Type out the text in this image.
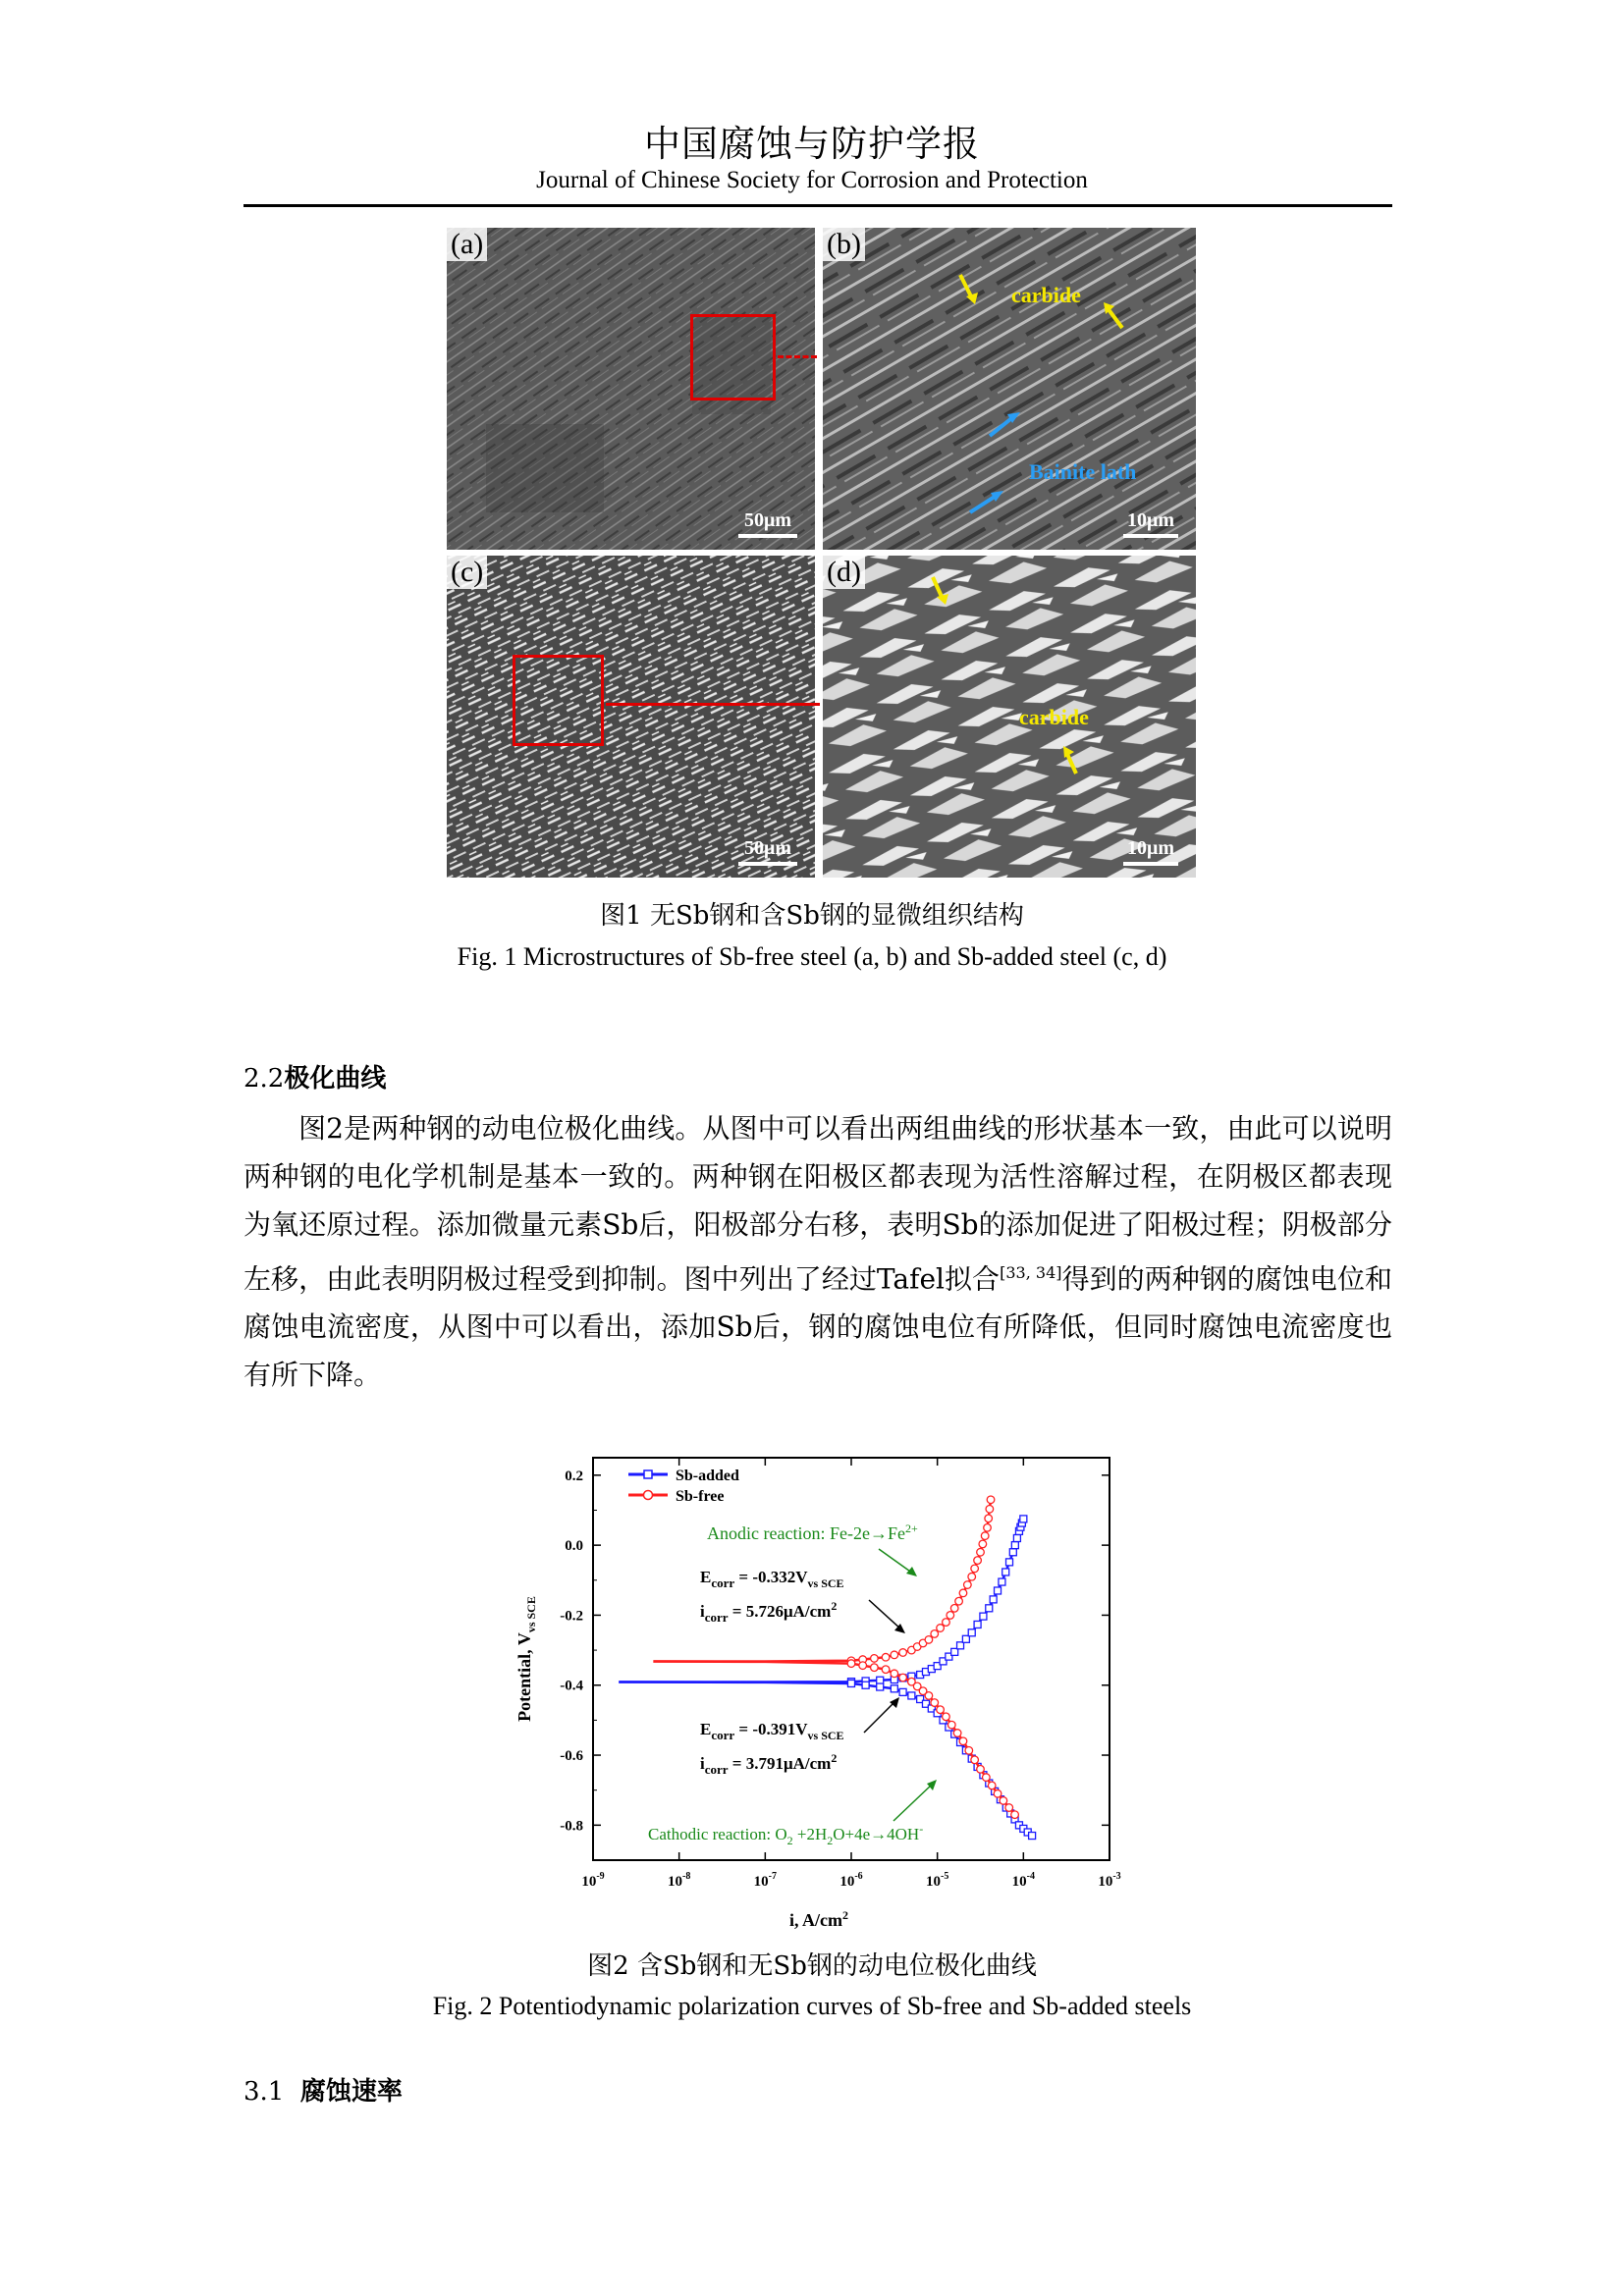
中国腐蚀与防护学报
Journal of Chinese Society for Corrosion and Protection
(a)
50μm
(b)
carbide
Bainite lath
10μm
(c)
50μm
(d)
carbide
10μm
图1 无Sb钢和含Sb钢的显微组织结构
Fig. 1 Microstructures of Sb-free steel (a, b) and Sb-added steel (c, d)
2.2极化曲线

图2是两种钢的动电位极化曲线。从图中可以看出两组曲线的形状基本一致，由此可以说明两种钢的电化学机制是基本一致的。两种钢在阳极区都表现为活性溶解过程，在阴极区都表现为氧还原过程。添加微量元素Sb后，阳极部分右移，表明Sb的添加促进了阳极过程；阴极部分左移，由此表明阴极过程受到抑制。图中列出了经过Tafel拟合[33, 34]得到的两种钢的腐蚀电位和腐蚀电流密度，从图中可以看出，添加Sb后，钢的腐蚀电位有所降低，但同时腐蚀电流密度也有所下降。

$10^{-9}$	$10^{-8}$	$10^{-7}$	$10^{-6}$	$10^{-5}$	$10^{-4}$	$10^{-3}$
0.2
0.0
-0.2
-0.4
-0.6
-0.8
Sb-added
Sb-free
Anodic reaction: $Fe-2e\to Fe^{2+}$
$E_{corr} = -0.332V_{vs SCE}$
$i_{corr} = 5.726\mu A/cm^2$
$E_{corr} = -0.391V_{vs SCE}$
$i_{corr} = 3.791\mu A/cm^2$
Cathodic reaction: $O_2 +2H_2O+4e\to 4OH^-$
i, $A/cm^2$
Potential, $V_{vs SCE}$
图2 含Sb钢和无Sb钢的动电位极化曲线
Fig. 2 Potentiodynamic polarization curves of Sb-free and Sb-added steels
3.1 腐蚀速率
